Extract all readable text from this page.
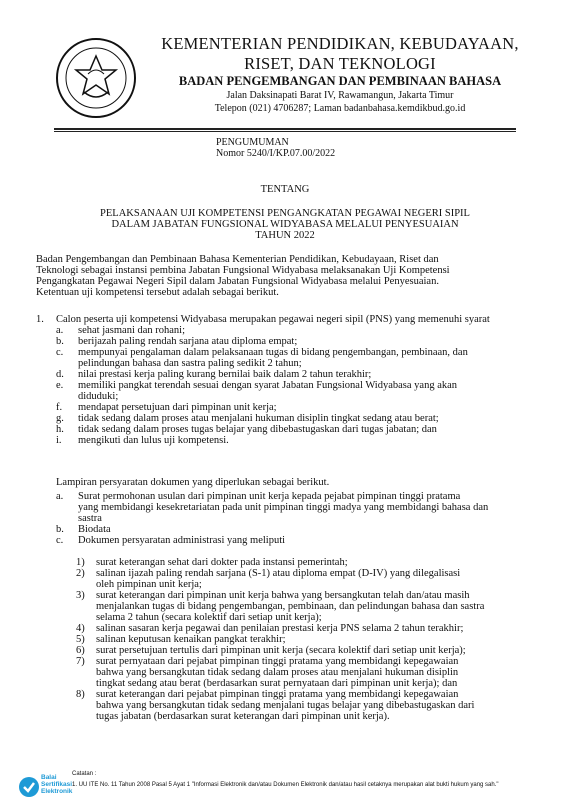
KEMENTERIAN PENDIDIKAN, KEBUDAYAAN,
RISET, DAN TEKNOLOGI
BADAN PENGEMBANGAN DAN PEMBINAAN BAHASA
Jalan Daksinapati Barat IV, Rawamangun, Jakarta Timur
Telepon (021) 4706287; Laman badanbahasa.kemdikbud.go.id
PENGUMUMAN
Nomor 5240/I/KP.07.00/2022
TENTANG
PELAKSANAAN UJI KOMPETENSI PENGANGKATAN PEGAWAI NEGERI SIPIL
DALAM JABATAN FUNGSIONAL WIDYABASA MELALUI PENYESUAIAN
TAHUN 2022
Badan Pengembangan dan Pembinaan Bahasa Kementerian Pendidikan, Kebudayaan, Riset dan
Teknologi sebagai instansi pembina Jabatan Fungsional Widyabasa melaksanakan Uji Kompetensi
Pengangkatan Pegawai Negeri Sipil dalam Jabatan Fungsional Widyabasa melalui Penyesuaian.
Ketentuan uji kompetensi tersebut adalah sebagai berikut.
1. Calon peserta uji kompetensi Widyabasa merupakan pegawai negeri sipil (PNS) yang memenuhi syarat
a. sehat jasmani dan rohani;
b. berijazah paling rendah sarjana atau diploma empat;
c. mempunyai pengalaman dalam pelaksanaan tugas di bidang pengembangan, pembinaan, dan
pelindungan bahasa dan sastra paling sedikit 2 tahun;
d. nilai prestasi kerja paling kurang bernilai baik dalam 2 tahun terakhir;
e. memiliki pangkat terendah sesuai dengan syarat Jabatan Fungsional Widyabasa yang akan
diduduki;
f. mendapat persetujuan dari pimpinan unit kerja;
g. tidak sedang dalam proses atau menjalani hukuman disiplin tingkat sedang atau berat;
h. tidak sedang dalam proses tugas belajar yang dibebastugaskan dari tugas jabatan; dan
i. mengikuti dan lulus uji kompetensi.
Lampiran persyaratan dokumen yang diperlukan sebagai berikut.
a. Surat permohonan usulan dari pimpinan unit kerja kepada pejabat pimpinan tinggi pratama
yang membidangi kesekretariatan pada unit pimpinan tinggi madya yang membidangi bahasa dan
sastra
b. Biodata
c. Dokumen persyaratan administrasi yang meliputi
1) surat keterangan sehat dari dokter pada instansi pemerintah;
2) salinan ijazah paling rendah sarjana (S-1) atau diploma empat (D-IV) yang dilegalisasi
oleh pimpinan unit kerja;
3) surat keterangan dari pimpinan unit kerja bahwa yang bersangkutan telah dan/atau masih
menjalankan tugas di bidang pengembangan, pembinaan, dan pelindungan bahasa dan sastra
selama 2 tahun (secara kolektif dari setiap unit kerja);
4) salinan sasaran kerja pegawai dan penilaian prestasi kerja PNS selama 2 tahun terakhir;
5) salinan keputusan kenaikan pangkat terakhir;
6) surat persetujuan tertulis dari pimpinan unit kerja (secara kolektif dari setiap unit kerja);
7) surat pernyataan dari pejabat pimpinan tinggi pratama yang membidangi kepegawaian
bahwa yang bersangkutan tidak sedang dalam proses atau menjalani hukuman disiplin
tingkat sedang atau berat (berdasarkan surat pernyataan dari pimpinan unit kerja); dan
8) surat keterangan dari pejabat pimpinan tinggi pratama yang membidangi kepegawaian
bahwa yang bersangkutan tidak sedang menjalani tugas belajar yang dibebastugaskan dari
tugas jabatan (berdasarkan surat keterangan dari pimpinan unit kerja).
Balai
Sertifikasi
Elektronik
Catatan :
1. UU ITE No. 11 Tahun 2008 Pasal 5 Ayat 1 "Informasi Elektronik dan/atau Dokumen Elektronik dan/atau hasil cetaknya merupakan alat bukti hukum yang sah."
